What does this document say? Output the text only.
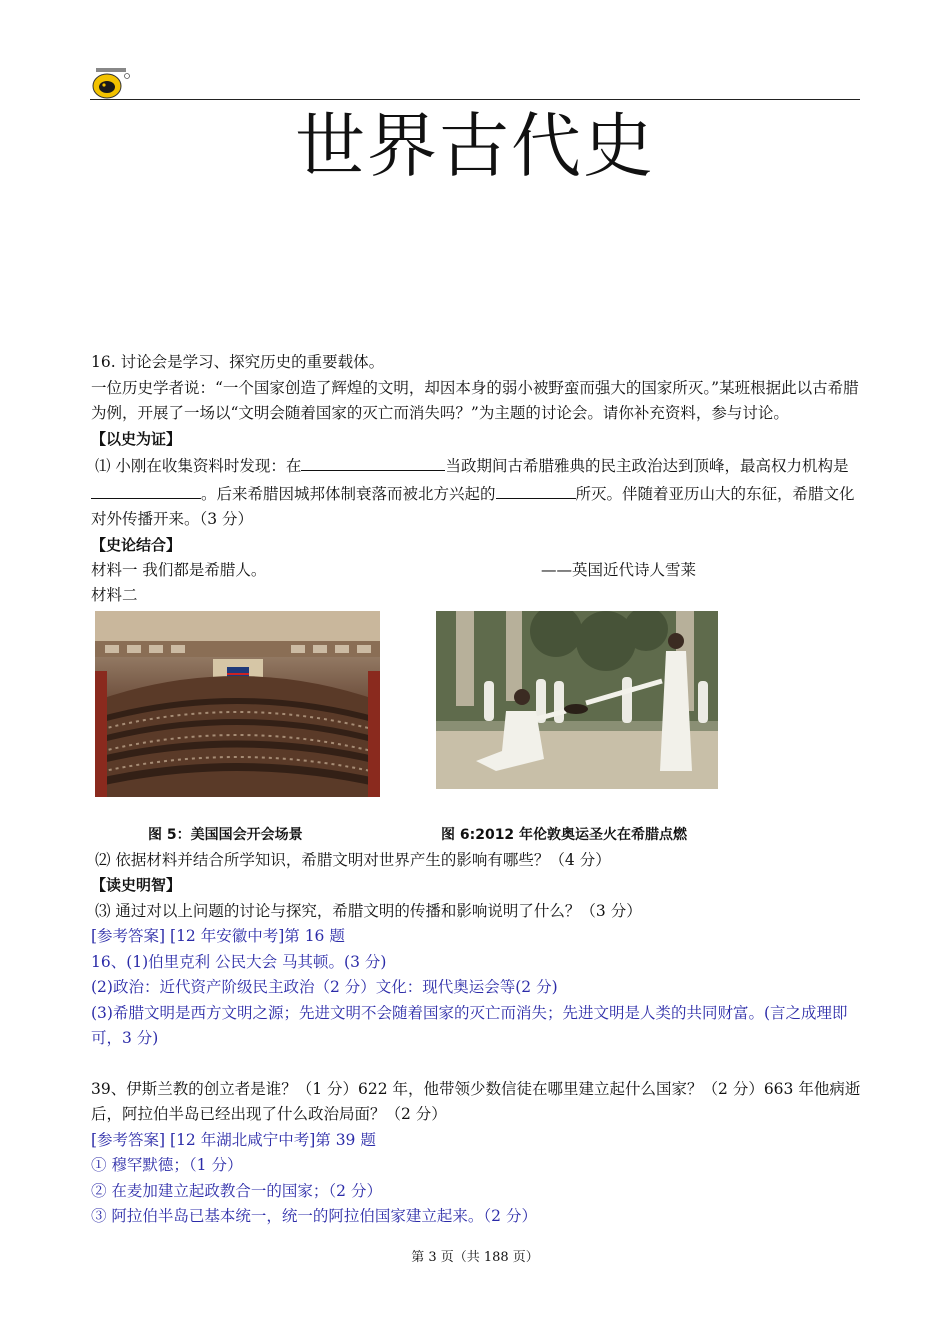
世界古代史

16. 讨论会是学习、探究历史的重要载体。

一位历史学者说：“一个国家创造了辉煌的文明，却因本身的弱小被野蛮而强大的国家所灭。”某班根据此以古希腊为例，开展了一场以“文明会随着国家的灭亡而消失吗？”为主题的讨论会。请你补充资料，参与讨论。

【以史为证】

⑴ 小刚在收集资料时发现：在	当政期间古希腊雅典的民主政治达到顶峰，最高权力机构是。后来希腊因城邦体制衰落而被北方兴起的	所灭。伴随着亚历山大的东征，希腊文化对外传播开来。（3 分）

【史论结合】

材料一 我们都是希腊人。	——英国近代诗人雪莱

材料二

图 5：美国国会开会场景	图 6:2012 年伦敦奥运圣火在希腊点燃

⑵ 依据材料并结合所学知识，希腊文明对世界产生的影响有哪些？（4 分）

【读史明智】

⑶ 通过对以上问题的讨论与探究，希腊文明的传播和影响说明了什么？（3 分）

[参考答案] [12 年安徽中考]第 16 题

16、(1)伯里克利 公民大会 马其顿。(3 分)

(2)政治：近代资产阶级民主政治（2 分）文化：现代奥运会等(2 分)

(3)希腊文明是西方文明之源；先进文明不会随着国家的灭亡而消失；先进文明是人类的共同财富。(言之成理即可，3 分)

39、伊斯兰教的创立者是谁？（1 分）622 年，他带领少数信徒在哪里建立起什么国家？（2 分）663 年他病逝后，阿拉伯半岛已经出现了什么政治局面？（2 分）

[参考答案] [12 年湖北咸宁中考]第 39 题

① 穆罕默德；（1 分）

② 在麦加建立起政教合一的国家；（2 分）

③ 阿拉伯半岛已基本统一，统一的阿拉伯国家建立起来。（2 分）

第 3 页（共 188 页）
